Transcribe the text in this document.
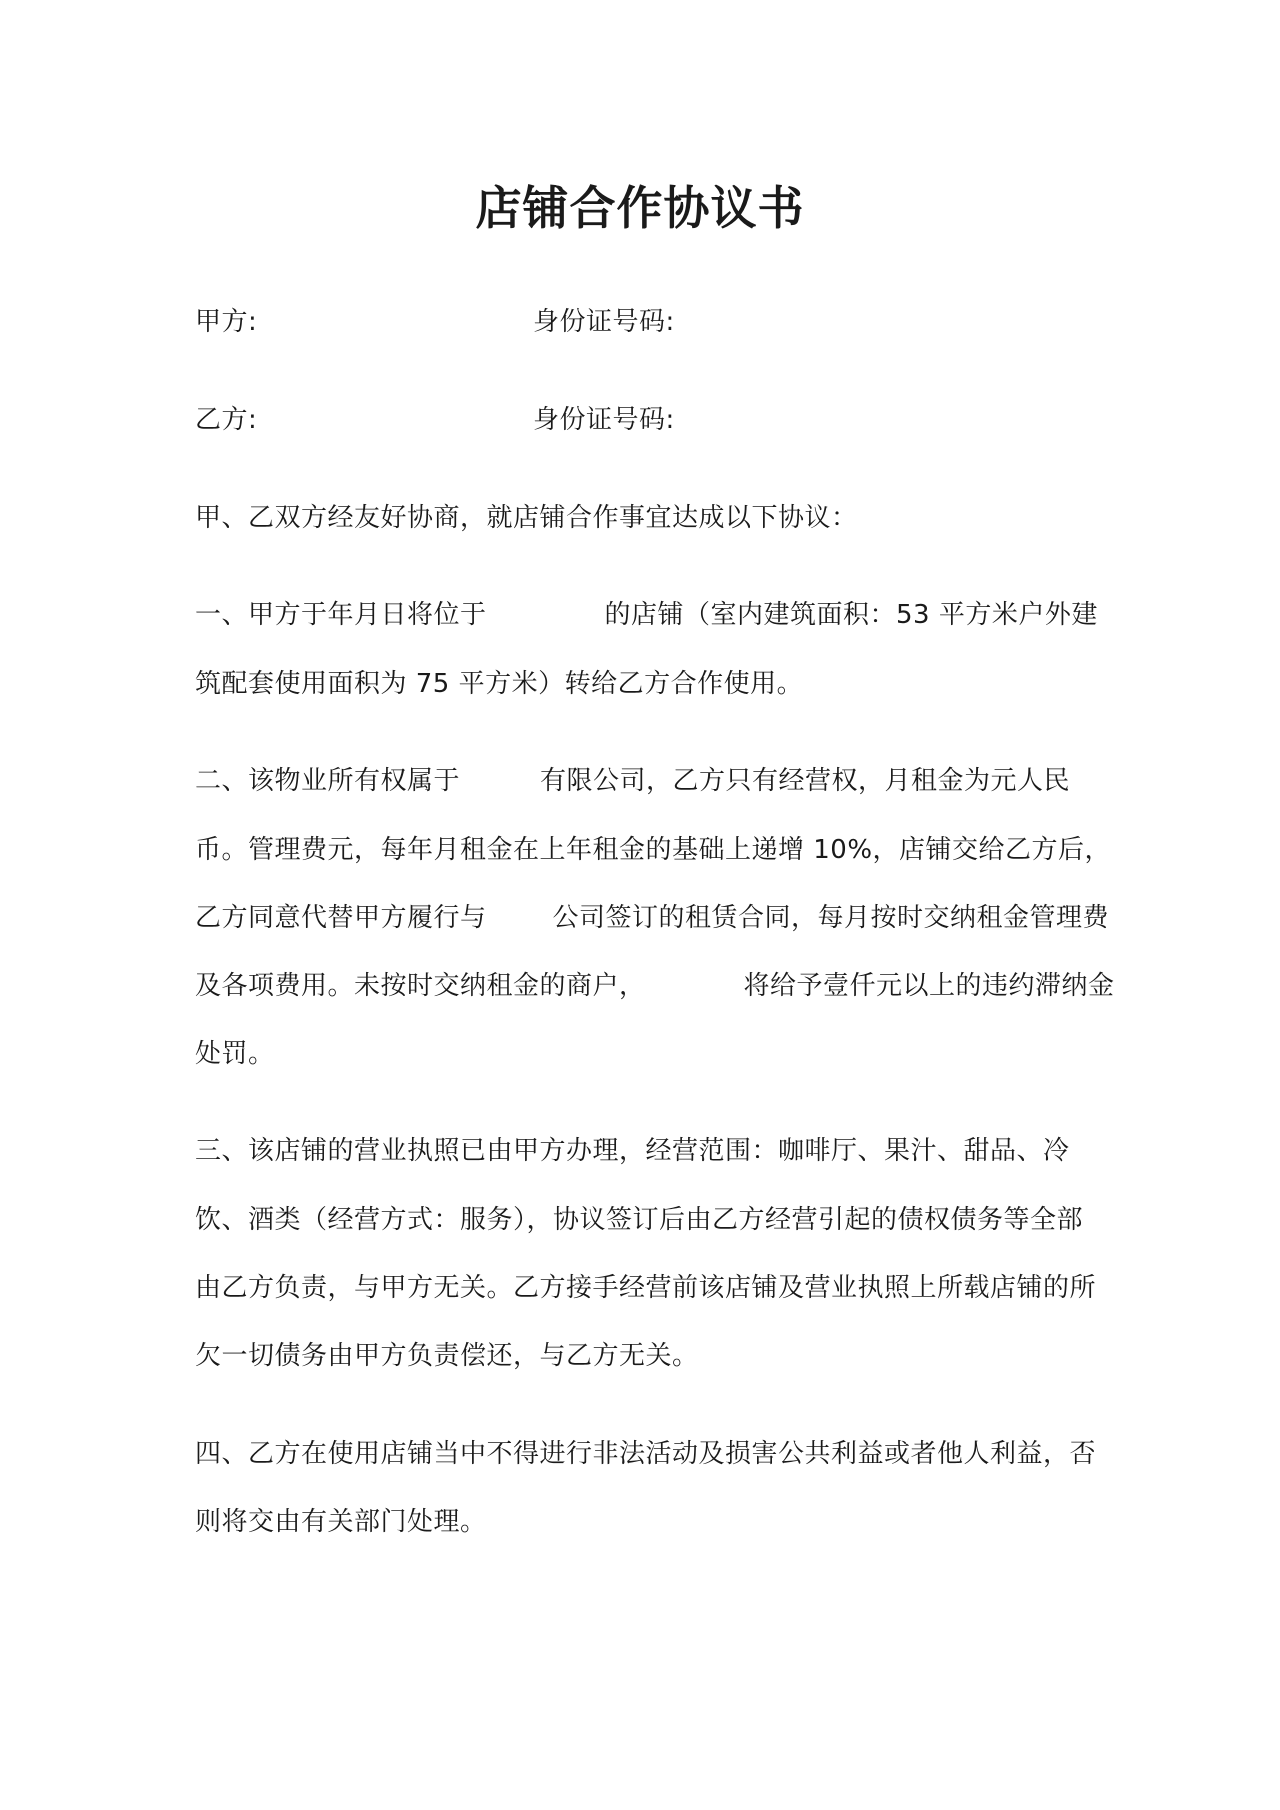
店铺合作协议书
甲方:	身份证号码:
乙方:	身份证号码:
甲、乙双方经友好协商，就店铺合作事宜达成以下协议：
一、甲方于年月日将位于	的店铺（室内建筑面积：53 平方米户外建
筑配套使用面积为 75 平方米）转给乙方合作使用。
二、该物业所有权属于	有限公司，乙方只有经营权，月租金为元人民
币。管理费元，每年月租金在上年租金的基础上递增 10%，店铺交给乙方后，
乙方同意代替甲方履行与	公司签订的租赁合同，每月按时交纳租金管理费
及各项费用。未按时交纳租金的商户，	将给予壹仟元以上的违约滞纳金
处罚。
三、该店铺的营业执照已由甲方办理，经营范围：咖啡厅、果汁、甜品、冷
饮、酒类（经营方式：服务），协议签订后由乙方经营引起的债权债务等全部
由乙方负责，与甲方无关。乙方接手经营前该店铺及营业执照上所载店铺的所
欠一切债务由甲方负责偿还，与乙方无关。
四、乙方在使用店铺当中不得进行非法活动及损害公共利益或者他人利益，否
则将交由有关部门处理。
